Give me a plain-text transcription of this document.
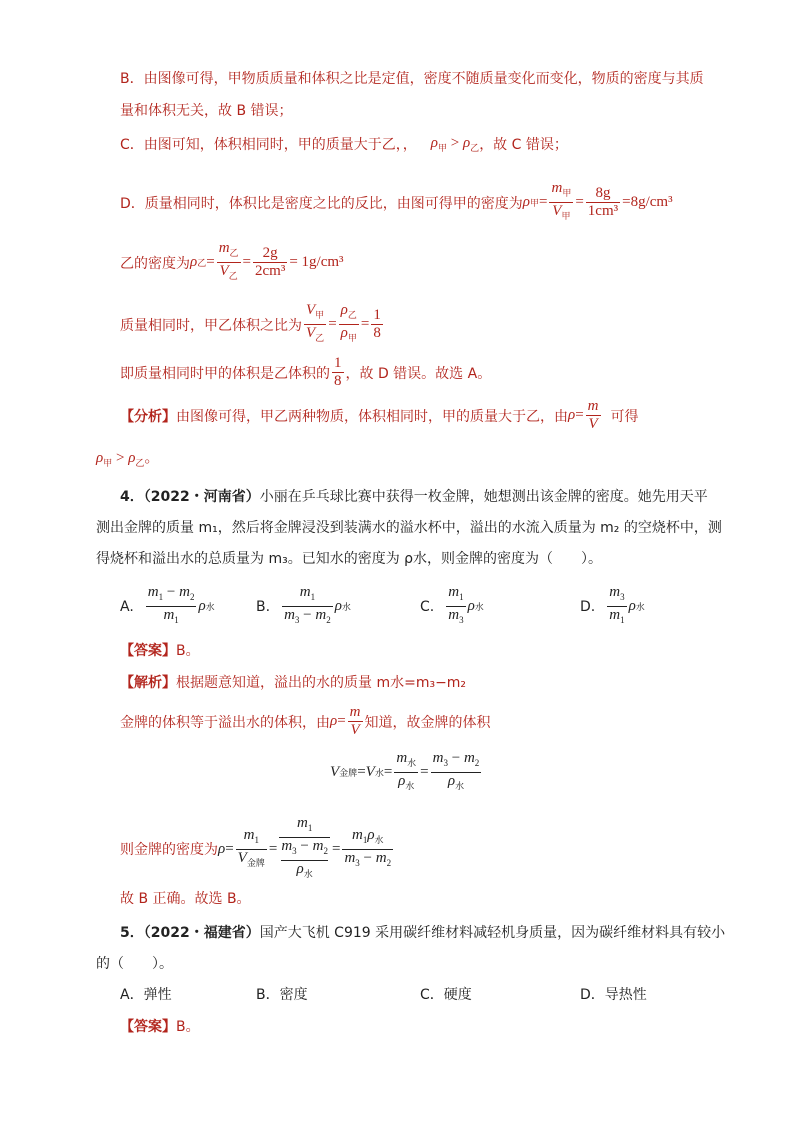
B．由图像可得，甲物质质量和体积之比是定值，密度不随质量变化而变化，物质的密度与其质
量和体积无关，故 B 错误；
C．由图可知，体积相同时，甲的质量大于乙，， $\rho_甲 > \rho_乙$ ，故 C 错误；
D．质量相同时，体积比是密度之比的反比，由图可得甲的密度为 ρ 甲 = $\frac{m_甲}{V_甲} = \frac{8g}{\text{1cm³}} =8g/cm^3$
乙的密度为 ρ 乙 = $\frac{m_乙}{V_乙} = \frac{2g}{\text{2cm³}} = 1g/cm^3$
质量相同时，甲乙体积之比为 $\frac{V_甲}{V_乙} = \frac{\rho_乙}{\rho_甲} = \frac{1}{8}$
即质量相同时甲的体积是乙体积的 $\frac{1}{8}$ ，故 D 错误。故选 A。
【分析】 由图像可得，甲乙两种物质，体积相同时，甲的质量大于乙，由 $\rho = \frac{m}{V}$ 可得
$\rho_甲 > \rho_乙$。
4．（2022・河南省）小丽在乒乓球比赛中获得一枚金牌，她想测出该金牌的密度。她先用天平
测出金牌的质量 m₁，然后将金牌浸没到装满水的溢水杯中，溢出的水流入质量为 m₂ 的空烧杯中，测
得烧杯和溢出水的总质量为 m₃。已知水的密度为 ρ水，则金牌的密度为（　　）。
A. $\frac{m_1 - m_2}{m_1}$ ρ 水	B. $\frac{m_1}{m_3 - m_2}$ ρ 水	C. $\frac{m_1}{m_3}$ ρ 水	D. $\frac{m_3}{m_1}$ ρ 水
【答案】B。
【解析】根据题意知道，溢出的水的质量 m水=m₃−m₂
金牌的体积等于溢出水的体积，由 $\rho = \frac{m}{V}$ 知道，故金牌的体积
V 金牌 = V 水 = $\frac{m_水}{\rho_水} = \frac{m_3 - m_2}{\rho_水}$
则金牌的密度为 $\rho = \frac{m_1}{V_{金牌}} = m_1$
$m_3 - m_2$
$\rho_水 = \frac{m_1\rho_水}{m_3 - m_2}$
故 B 正确。故选 B。
5．（2022・福建省）国产大飞机 C919 采用碳纤维材料减轻机身质量，因为碳纤维材料具有较小
的（　　）。
A．弹性	B．密度	C．硬度	D．导热性
【答案】B。
